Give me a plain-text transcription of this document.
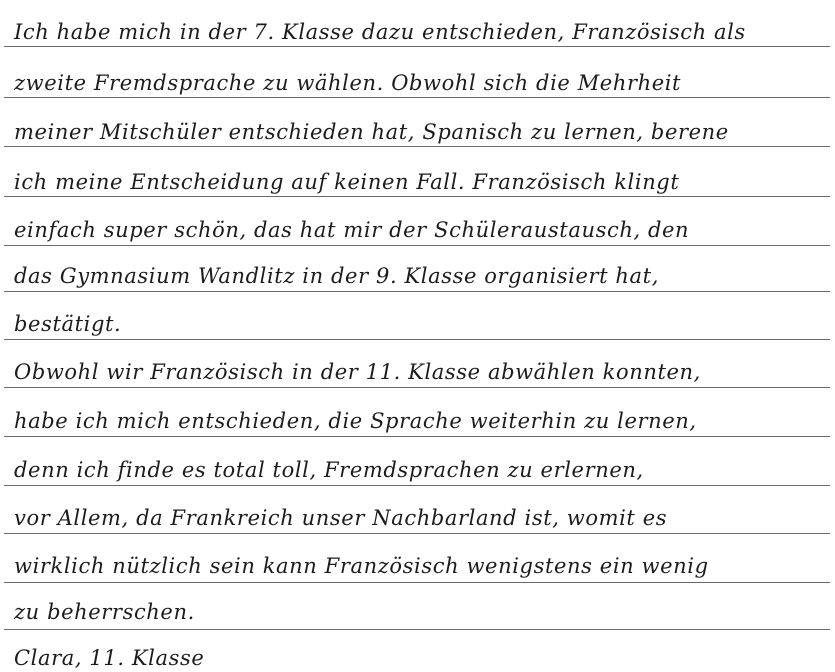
Ich habe mich in der 7. Klasse dazu entschieden, Französisch als
zweite Fremdsprache zu wählen. Obwohl sich die Mehrheit
meiner Mitschüler entschieden hat, Spanisch zu lernen, berene
ich meine Entscheidung auf keinen Fall. Französisch klingt
einfach super schön, das hat mir der Schüleraustausch, den
das Gymnasium Wandlitz in der 9. Klasse organisiert hat,
bestätigt.
Obwohl wir Französisch in der 11. Klasse abwählen konnten,
habe ich mich entschieden, die Sprache weiterhin zu lernen,
denn ich finde es total toll, Fremdsprachen zu erlernen,
vor Allem, da Frankreich unser Nachbarland ist, womit es
wirklich nützlich sein kann Französisch wenigstens ein wenig
zu beherrschen.
Clara, 11. Klasse
